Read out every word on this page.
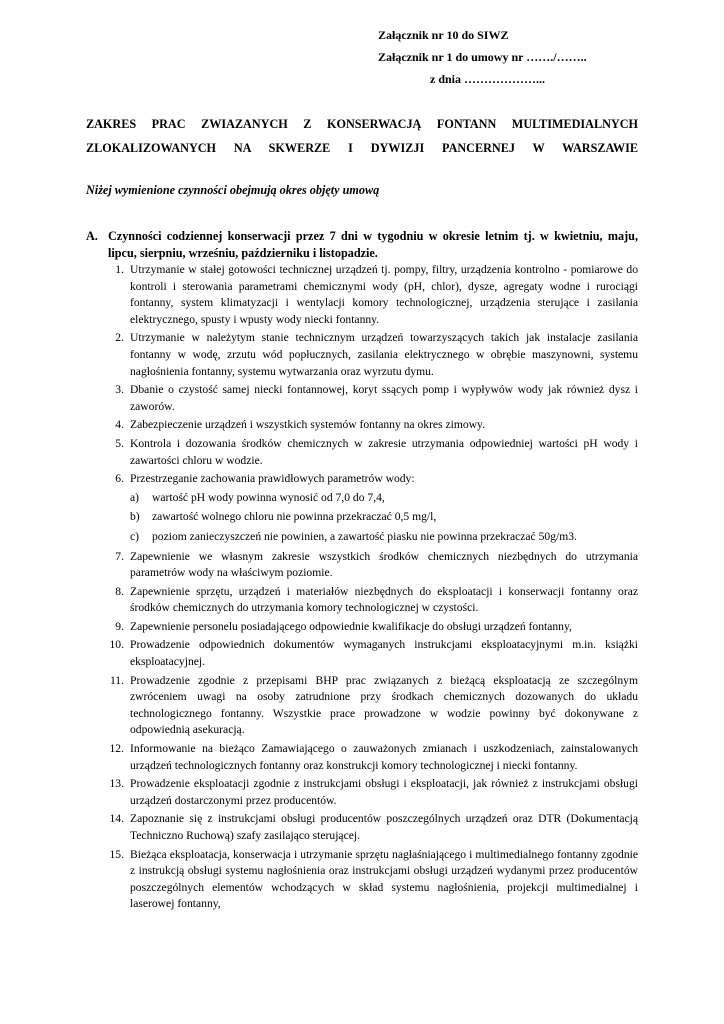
Załącznik nr 10 do SIWZ
Załącznik nr 1 do umowy nr ……./……..
z dnia ………………...
ZAKRES PRAC ZWIAZANYCH Z KONSERWACJĄ FONTANN MULTIMEDIALNYCH
ZLOKALIZOWANYCH NA SKWERZE I DYWIZJI PANCERNEJ W WARSZAWIE
Niżej wymienione czynności obejmują okres objęty umową
A. Czynności codziennej konserwacji przez 7 dni w tygodniu w okresie letnim tj. w kwietniu, maju, lipcu, sierpniu, wrześniu, październiku i listopadzie.
1. Utrzymanie w stałej gotowości technicznej urządzeń tj. pompy, filtry, urządzenia kontrolno - pomiarowe do kontroli i sterowania parametrami chemicznymi wody (pH, chlor), dysze, agregaty wodne i rurociągi fontanny, system klimatyzacji i wentylacji komory technologicznej, urządzenia sterujące i zasilania elektrycznego, spusty i wpusty wody niecki fontanny.
2. Utrzymanie w należytym stanie technicznym urządzeń towarzyszących takich jak instalacje zasilania fontanny w wodę, zrzutu wód popłucznych, zasilania elektrycznego w obrębie maszynowni, systemu nagłośnienia fontanny, systemu wytwarzania oraz wyrzutu dymu.
3. Dbanie o czystość samej niecki fontannowej, koryt ssących pomp i wypływów wody jak również dysz i zaworów.
4. Zabezpieczenie urządzeń i wszystkich systemów fontanny na okres zimowy.
5. Kontrola i dozowania środków chemicznych w zakresie utrzymania odpowiedniej wartości pH wody i zawartości chloru w wodzie.
6. Przestrzeganie zachowania prawidłowych parametrów wody:
a) wartość pH wody powinna wynosić od 7,0 do 7,4,
b) zawartość wolnego chloru nie powinna przekraczać 0,5 mg/l,
c) poziom zanieczyszczeń nie powinien, a zawartość piasku nie powinna przekraczać 50g/m3.
7. Zapewnienie we własnym zakresie wszystkich środków chemicznych niezbędnych do utrzymania parametrów wody na właściwym poziomie.
8. Zapewnienie sprzętu, urządzeń i materiałów niezbędnych do eksploatacji i konserwacji fontanny oraz środków chemicznych do utrzymania komory technologicznej w czystości.
9. Zapewnienie personelu posiadającego odpowiednie kwalifikacje do obsługi urządzeń fontanny,
10. Prowadzenie odpowiednich dokumentów wymaganych instrukcjami eksploatacyjnymi m.in. książki eksploatacyjnej.
11. Prowadzenie zgodnie z przepisami BHP prac związanych z bieżącą eksploatacją ze szczególnym zwróceniem uwagi na osoby zatrudnione przy środkach chemicznych dozowanych do układu technologicznego fontanny. Wszystkie prace prowadzone w wodzie powinny być dokonywane z odpowiednią asekuracją.
12. Informowanie na bieżąco Zamawiającego o zauważonych zmianach i uszkodzeniach, zainstalowanych urządzeń technologicznych fontanny oraz konstrukcji komory technologicznej i niecki fontanny.
13. Prowadzenie eksploatacji zgodnie z instrukcjami obsługi i eksploatacji, jak również z instrukcjami obsługi urządzeń dostarczonymi przez producentów.
14. Zapoznanie się z instrukcjami obsługi producentów poszczególnych urządzeń oraz DTR (Dokumentacją Techniczno Ruchową) szafy zasilająco sterującej.
15. Bieżąca eksploatacja, konserwacja i utrzymanie sprzętu nagłaśniającego i multimedialnego fontanny zgodnie z instrukcją obsługi systemu nagłośnienia oraz instrukcjami obsługi urządzeń wydanymi przez producentów poszczególnych elementów wchodzących w skład systemu nagłośnienia, projekcji multimedialnej i laserowej fontanny,
